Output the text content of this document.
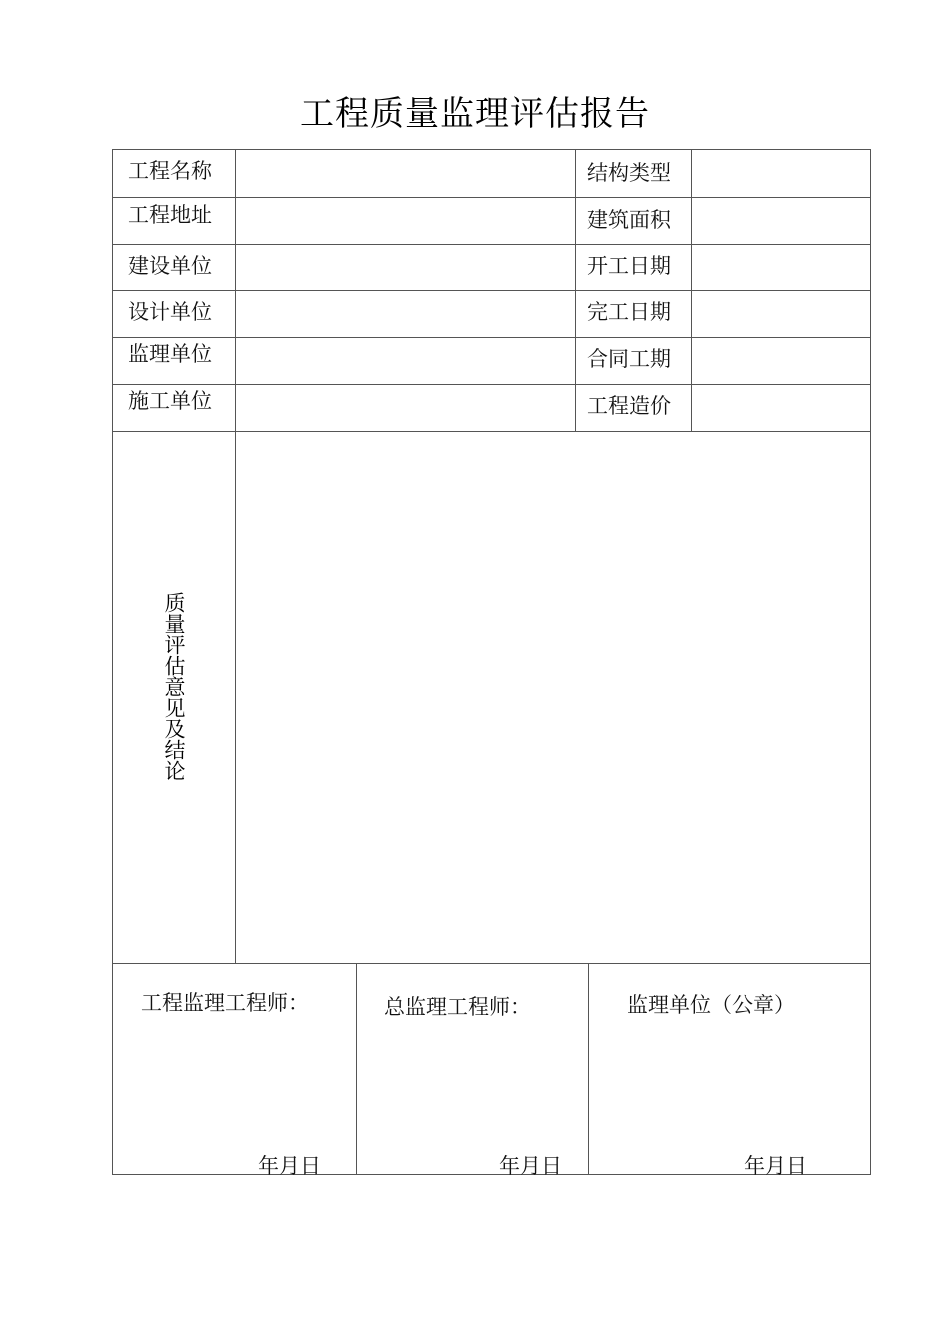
工程质量监理评估报告
工程名称
工程地址
建设单位
设计单位
监理单位
施工单位
结构类型
建筑面积
开工日期
完工日期
合同工期
工程造价
质量评估意见及结论
工程监理工程师：
年月日
总监理工程师：
年月日
监理单位（公章）
年月日
